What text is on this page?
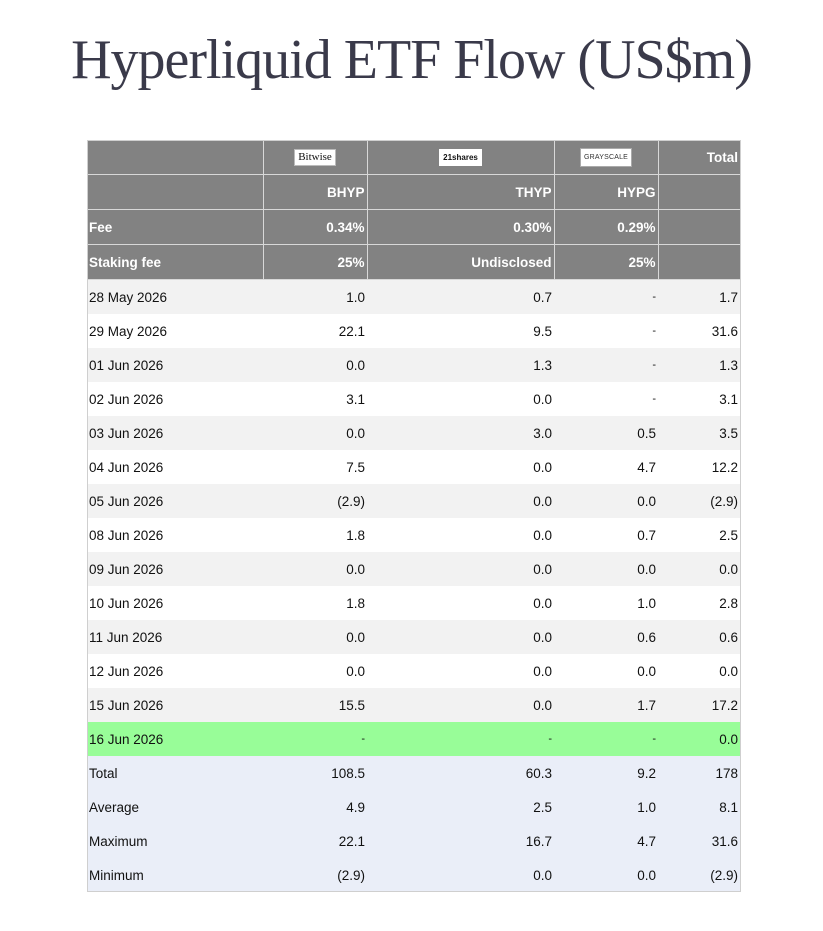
Hyperliquid ETF Flow (US$m)
	Bitwise	21shares	GRAYSCALE	Total
	BHYP	THYP	HYPG	
Fee	0.34%	0.30%	0.29%	
Staking fee	25%	Undisclosed	25%	
28 May 2026	1.0	0.7	-	1.7
29 May 2026	22.1	9.5	-	31.6
01 Jun 2026	0.0	1.3	-	1.3
02 Jun 2026	3.1	0.0	-	3.1
03 Jun 2026	0.0	3.0	0.5	3.5
04 Jun 2026	7.5	0.0	4.7	12.2
05 Jun 2026	(2.9)	0.0	0.0	(2.9)
08 Jun 2026	1.8	0.0	0.7	2.5
09 Jun 2026	0.0	0.0	0.0	0.0
10 Jun 2026	1.8	0.0	1.0	2.8
11 Jun 2026	0.0	0.0	0.6	0.6
12 Jun 2026	0.0	0.0	0.0	0.0
15 Jun 2026	15.5	0.0	1.7	17.2
16 Jun 2026	-	-	-	0.0
Total	108.5	60.3	9.2	178
Average	4.9	2.5	1.0	8.1
Maximum	22.1	16.7	4.7	31.6
Minimum	(2.9)	0.0	0.0	(2.9)
